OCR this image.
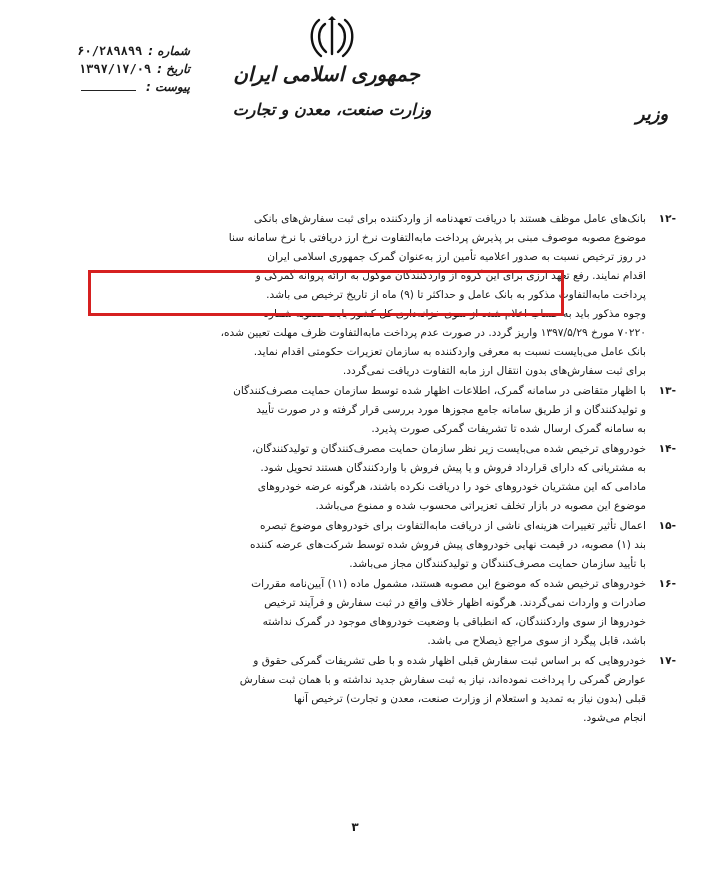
شماره :
۶۰/۲۸۹۸۹۹
تاریخ :
۱۳۹۷/۱۷/۰۹
پیوست :
جمهوری اسلامی ایران
وزارت صنعت، معدن و تجارت	وزیر
-۱۲
بانک‌های عامل موظف هستند با دریافت تعهدنامه از واردکننده برای ثبت سفارش‌های بانکی
موضوع مصوبه موصوف مبنی بر پذیرش پرداخت مابه‌التفاوت نرخ ارز دریافتی با نرخ سامانه سنا
در روز ترخیص نسبت به صدور اعلامیه تأمین ارز به‌عنوان گمرک جمهوری اسلامی ایران
اقدام نمایند. رفع تعهد ارزی برای این گروه از واردکنندگان موکول به ارائه پروانه گمرکی و
پرداخت مابه‌التفاوت مذکور به بانک عامل و حداکثر تا (۹) ماه از تاریخ ترخیص می باشد.
وجوه مذکور باید به حساب اعلام شده از سوی خزانه‌داری کل کشور بابت مصوبه شماره
۷۰۲۲۰ مورخ ۱۳۹۷/۵/۲۹ واریز گردد. در صورت عدم پرداخت مابه‌التفاوت ظرف مهلت تعیین شده،
بانک عامل می‌بایست نسبت به معرفی واردکننده به سازمان تعزیرات حکومتی اقدام نماید.
برای ثبت سفارش‌های بدون انتقال ارز مابه التفاوت دریافت نمی‌گردد.
-۱۳
با اظهار متقاضی در سامانه گمرک، اطلاعات اظهار شده توسط سازمان حمایت مصرف‌کنندگان
و تولیدکنندگان و از طریق سامانه جامع مجوزها مورد بررسی قرار گرفته و در صورت تأیید
به سامانه گمرک ارسال شده تا تشریفات گمرکی صورت پذیرد.
-۱۴
خودروهای ترخیص شده می‌بایست زیر نظر سازمان حمایت مصرف‌کنندگان و تولیدکنندگان،
به مشتریانی که دارای قرارداد فروش و یا پیش فروش با واردکنندگان هستند تحویل شود.
مادامی که این مشتریان خودروهای خود را دریافت نکرده باشند، هرگونه عرضه خودروهای
موضوع این مصوبه در بازار تخلف تعزیراتی محسوب شده و ممنوع می‌باشد.
-۱۵
اعمال تأثیر تغییرات هزینه‌ای ناشی از دریافت مابه‌التفاوت برای خودروهای موضوع تبصره
بند (۱) مصوبه، در قیمت نهایی خودروهای پیش فروش شده توسط شرکت‌های عرضه کننده
با تأیید سازمان حمایت مصرف‌کنندگان و تولیدکنندگان مجاز می‌باشد.
-۱۶
خودروهای ترخیص شده که موضوع این مصوبه هستند، مشمول ماده (۱۱) آیین‌نامه مقررات
صادرات و واردات نمی‌گردند. هرگونه اظهار خلاف واقع در ثبت سفارش و فرآیند ترخیص
خودروها از سوی واردکنندگان، که انطباقی با وضعیت خودروهای موجود در گمرک نداشته
باشد، قابل پیگرد از سوی مراجع ذیصلاح می باشد.
-۱۷
خودروهایی که بر اساس ثبت سفارش قبلی اظهار شده و با طی تشریفات گمرکی حقوق و
عوارض گمرکی را پرداخت نموده‌اند، نیاز به ثبت سفارش جدید نداشته و با همان ثبت سفارش
قبلی (بدون نیاز به تمدید و استعلام از وزارت صنعت، معدن و تجارت) ترخیص آنها
انجام می‌شود.
۳
